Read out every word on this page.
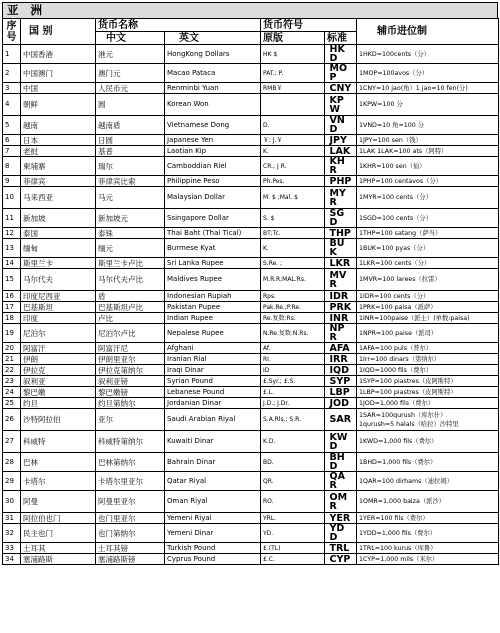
亚 洲
序号	国 别	货币名称		货币符号		辅币进位制
		中文	英文	原版	标准	
1	中国香港	港元	HongKong Dollars	HK $	HKD	1HKD=100cents（分）

2	中国澳门	澳门元	Macao Pataca	PAT.; P.	MOP	1MOP=100avos（分）

3	中国	人民币元	Renminbi Yuan	RMB￥	CNY	1CNY=10 jao(角）1 jao=10 fen(分)

4	朝鲜	圆	Korean Won		KPW	1KPW=100 分

5	越南	越南盾	Vietnamese Dong	D.	VND	1VND=10 角=100 分

6	日本	日圆	Japanese Yen	￥; J.￥	JPY	1JPY=100 sen（钱）

7	老挝	基普	Laotian Kip	K.	LAK	1LAK 1LAK=100 ats（阿特）

8	柬埔寨	瑞尔	Camboddian Riel	CR.; J R.	KHR	1KHR=100 sen（仙）

9	菲律宾	菲律宾比索	Philippine Peso	Ph.Pes.	PHP	1PHP=100 centavos（分）

10	马来西亚	马元	Malaysian Dollar	M. $ ;Mal. $	MYR	1MYR=100 cents（分）

11	新加坡	新加坡元	Ssingapore Dollar	S. $	SGD	1SGD=100 cents（分）

12	泰国	泰铢	Thai Baht (Thai Tical)	BT;Tc.	THP	1THP=100 satang（萨当）

13	缅甸	缅元	Burmese Kyat	K.	BUK	1BUK=100 pyas（分）

14	斯里兰卡	斯里兰卡卢比	Sri Lanka Rupee	S.Re. ;	LKR	1LKR=100 cents（分）

15	马尔代夫	马尔代夫卢比	Maldives Rupee	M.R.R;MAL.Rs.	MVR	1MVR=100 larees（拉雷）

16	印度尼西亚	盾	Indonesian Rupiah	Rps.	IDR	1IDR=100 cents（分）

17	巴基斯坦	巴基斯坦卢比	Pakistan Pupee	Pak.Re.;P.Re.	PRK	1PRK=100 paisa（派萨）

18	印度	卢比	Indian Rupee	Re.复数:Rs.	INR	1INR=100paise（派士）(单数:paisa)

19	尼泊尔	尼泊尔卢比	Nepalese Rupee	N.Re.复数:N.Rs.	NPR	1NPR=100 paise（派司）

20	阿富汗	阿富汗尼	Afghani	Af.	AFA	1AFA=100 puls（普尔）

21	伊朗	伊朗里亚尔	Iranian Rial	RI.	IRR	1Irr=100 dinars（第纳尔）

22	伊拉克	伊拉克第纳尔	Iraqi Dinar	ID	IQD	1IQD=1000 fils（费尔）

23	叙利亚	叙利亚镑	Syrian Pound	£.Syr.; £.S.	SYP	1SYP=100 piastres（皮阿斯特）

24	黎巴嫩	黎巴嫩镑	Lebanese Pound	£.L.	LBP	1LBP=100 piastres（皮阿斯特）

25	约旦	约旦第纳尔	Jordanian Dinar	J.D.; J.Dr.	JOD	1JOD=1,000 fils（费尔）

26	沙特阿拉伯	亚尔	Saudi Arabian Riyal	S.A.Rls.; S.R.	SAR	1SAR=100qurush（库尔什）
1qurush=5 halals（哈拉）沙特里

27	科威特	科威特第纳尔	Kuwaiti Dinar	K.D.	KWD	1KWD=1,000 fils（费尔）

28	巴林	巴林第纳尔	Bahrain Dinar	BD.	BHD	1BHD=1,000 fils（费尔）

29	卡塔尔	卡塔尔里亚尔	Qatar Riyal	QR.	QAR	1QAR=100 dirhams（迪拉姆）

30	阿曼	阿曼里亚尔	Oman Riyal	RO.	OMR	1OMR=1,000 baiza（派沙）

31	阿拉伯也门	也门里亚尔	Yemeni Riyal	YRL.	YER	1YER=100 fils（费尔）

32	民主也门	也门第纳尔	Yemeni Dinar	YD.	YDD	1YDD=1,000 fils（费尔）

33	土耳其	土耳其镑	Turkish Pound	£.(TL)	TRL	1TRL=100 kurus（库鲁）

34	塞浦路斯	塞浦路斯镑	Cyprus Pound	£.C.	CYP	1CYP=1,000 mils（米尔）
